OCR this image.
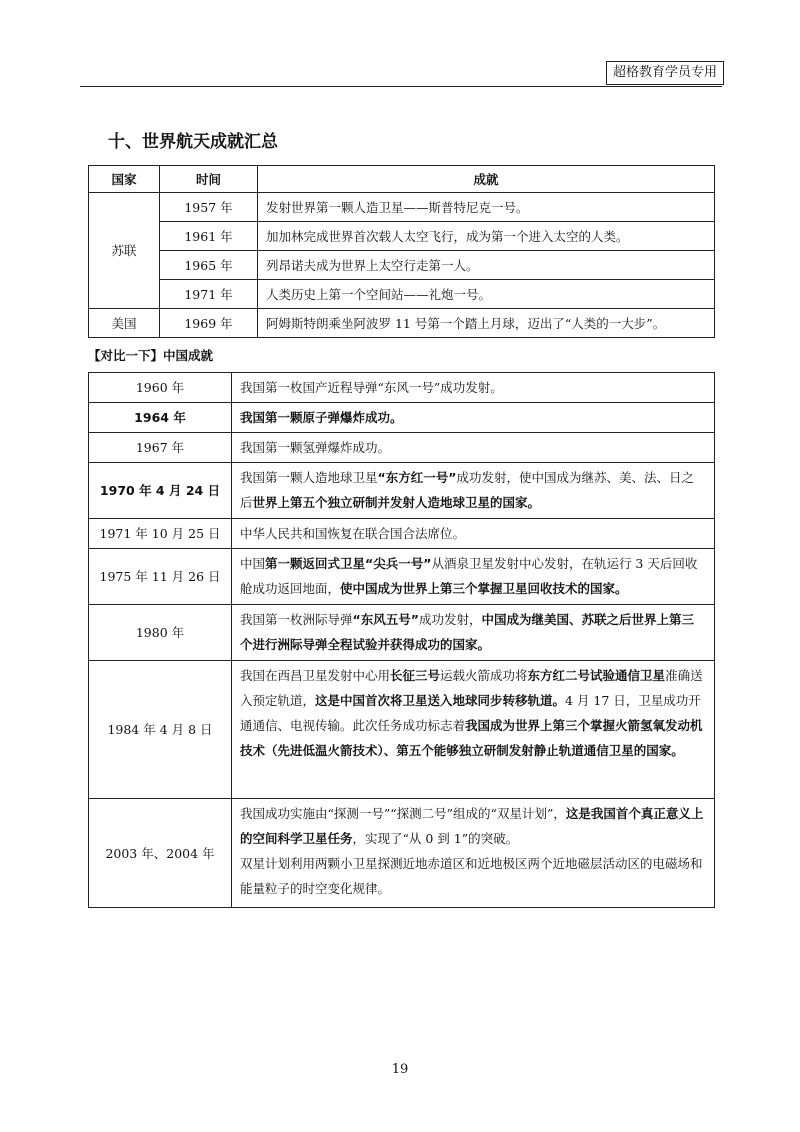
超格教育学员专用
十、世界航天成就汇总
国家	时间	成就
苏联	1957 年	发射世界第一颗人造卫星——斯普特尼克一号。
	1961 年	加加林完成世界首次载人太空飞行，成为第一个进入太空的人类。
	1965 年	列昂诺夫成为世界上太空行走第一人。
	1971 年	人类历史上第一个空间站——礼炮一号。
美国	1969 年	阿姆斯特朗乘坐阿波罗 11 号第一个踏上月球，迈出了“人类的一大步”。
【对比一下】中国成就
1960 年	我国第一枚国产近程导弹“东风一号”成功发射。
1964 年	我国第一颗原子弹爆炸成功。
1967 年	我国第一颗氢弹爆炸成功。
1970 年 4 月 24 日	我国第一颗人造地球卫星“东方红一号”成功发射，使中国成为继苏、美、法、日之后世界上第五个独立研制并发射人造地球卫星的国家。
1971 年 10 月 25 日	中华人民共和国恢复在联合国合法席位。
1975 年 11 月 26 日	中国第一颗返回式卫星“尖兵一号”从酒泉卫星发射中心发射，在轨运行 3 天后回收舱成功返回地面，使中国成为世界上第三个掌握卫星回收技术的国家。
1980 年	我国第一枚洲际导弹“东风五号”成功发射，中国成为继美国、苏联之后世界上第三个进行洲际导弹全程试验并获得成功的国家。
1984 年 4 月 8 日	我国在西昌卫星发射中心用长征三号运载火箭成功将东方红二号试验通信卫星准确送入预定轨道，这是中国首次将卫星送入地球同步转移轨道。4 月 17 日，卫星成功开通通信、电视传输。此次任务成功标志着我国成为世界上第三个掌握火箭氢氧发动机技术（先进低温火箭技术）、第五个能够独立研制发射静止轨道通信卫星的国家。
2003 年、2004 年	我国成功实施由“探测一号”“探测二号”组成的“双星计划”，这是我国首个真正意义上的空间科学卫星任务，实现了“从 0 到 1”的突破。
双星计划利用两颗小卫星探测近地赤道区和近地极区两个近地磁层活动区的电磁场和能量粒子的时空变化规律。
19
